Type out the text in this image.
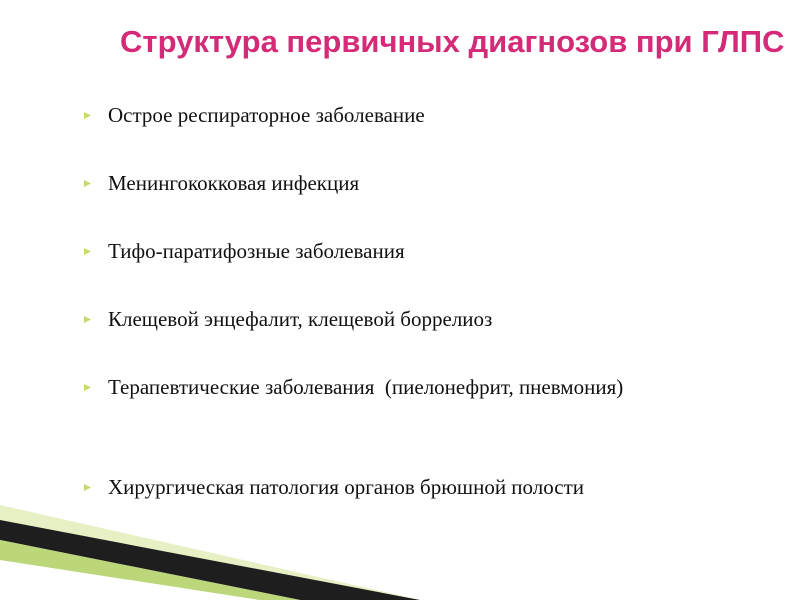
Структура первичных диагнозов при ГЛПС
Острое респираторное заболевание
Менингококковая инфекция
Тифо-паратифозные заболевания
Клещевой энцефалит, клещевой боррелиоз
Терапевтические заболевания  (пиелонефрит, пневмония)
Хирургическая патология органов брюшной полости
